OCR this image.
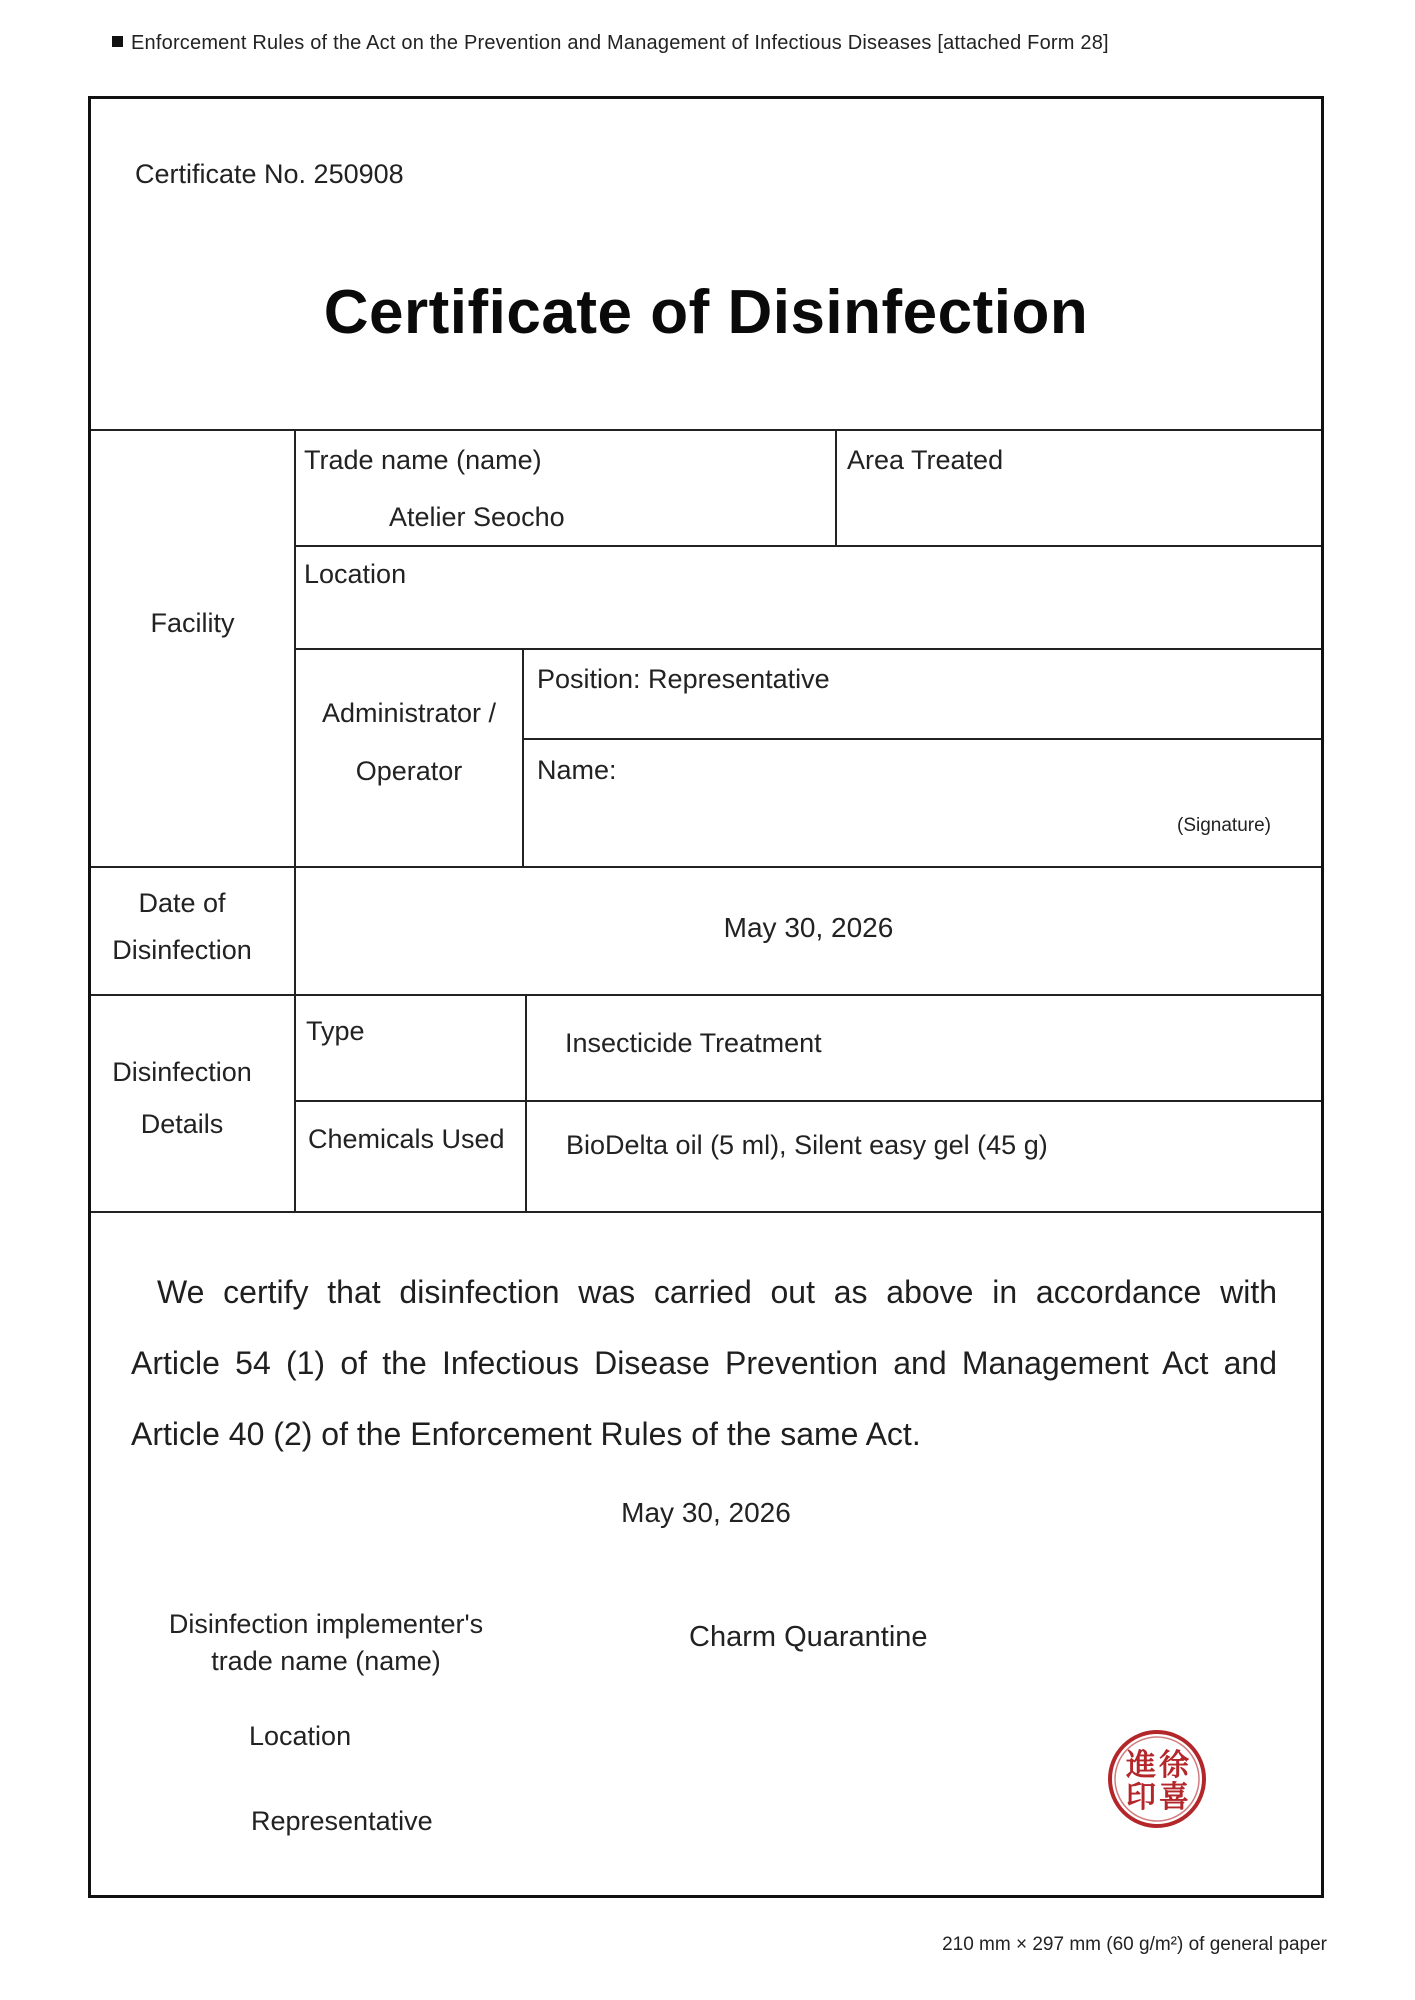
Enforcement Rules of the Act on the Prevention and Management of Infectious Diseases [attached Form 28]
Certificate No. 250908
Certificate of Disinfection
Facility
Trade name (name)
Atelier Seocho
Area Treated
Location
Administrator /
Operator
Position: Representative
Name:
(Signature)
Date of
Disinfection
May 30, 2026
Disinfection
Details
Type	Insecticide Treatment
Chemicals Used BioDelta oil (5 ml), Silent easy gel (45 g)
We certify that disinfection was carried out as above in accordance with
Article 54 (1) of the Infectious Disease Prevention and Management Act and
Article 40 (2) of the Enforcement Rules of the same Act.
May 30, 2026
Disinfection implementer's
trade name (name)
Charm Quarantine
Location
Representative
徐
喜
進
印
210 mm × 297 mm (60 g/m²) of general paper
